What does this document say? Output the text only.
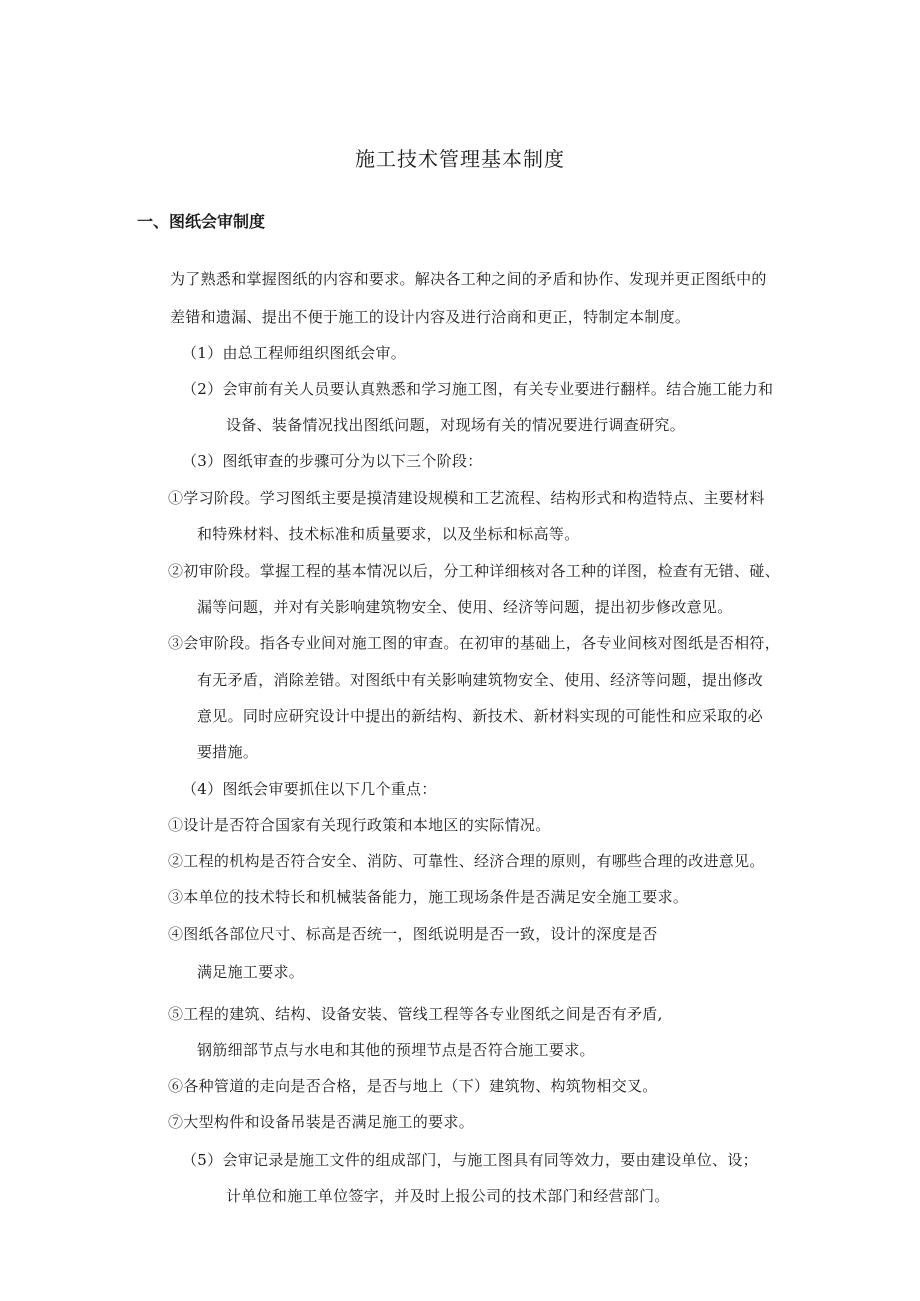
施工技术管理基本制度
一、图纸会审制度
为了熟悉和掌握图纸的内容和要求。解决各工种之间的矛盾和协作、发现并更正图纸中的
差错和遗漏、提出不便于施工的设计内容及进行洽商和更正，特制定本制度。
（1）由总工程师组织图纸会审。
（2）会审前有关人员要认真熟悉和学习施工图，有关专业要进行翻样。结合施工能力和
设备、装备情况找出图纸问题，对现场有关的情况要进行调查研究。
（3）图纸审查的步骤可分为以下三个阶段：
①学习阶段。学习图纸主要是摸清建设规模和工艺流程、结构形式和构造特点、主要材料
和特殊材料、技术标准和质量要求，以及坐标和标高等。
②初审阶段。掌握工程的基本情况以后，分工种详细核对各工种的详图，检查有无错、碰、
漏等问题，并对有关影响建筑物安全、使用、经济等问题，提出初步修改意见。
③会审阶段。指各专业间对施工图的审查。在初审的基础上，各专业间核对图纸是否相符，
有无矛盾，消除差错。对图纸中有关影响建筑物安全、使用、经济等问题，提出修改
意见。同时应研究设计中提出的新结构、新技术、新材料实现的可能性和应采取的必
要措施。
（4）图纸会审要抓住以下几个重点：
①设计是否符合国家有关现行政策和本地区的实际情况。
②工程的机构是否符合安全、消防、可靠性、经济合理的原则，有哪些合理的改进意见。
③本单位的技术特长和机械装备能力，施工现场条件是否满足安全施工要求。
④图纸各部位尺寸、标高是否统一，图纸说明是否一致，设计的深度是否
满足施工要求。
⑤工程的建筑、结构、设备安装、管线工程等各专业图纸之间是否有矛盾,
钢筋细部节点与水电和其他的预埋节点是否符合施工要求。
⑥各种管道的走向是否合格，是否与地上（下）建筑物、构筑物相交叉。
⑦大型构件和设备吊装是否满足施工的要求。
（5）会审记录是施工文件的组成部门，与施工图具有同等效力，要由建设单位、设；
计单位和施工单位签字，并及时上报公司的技术部门和经营部门。
